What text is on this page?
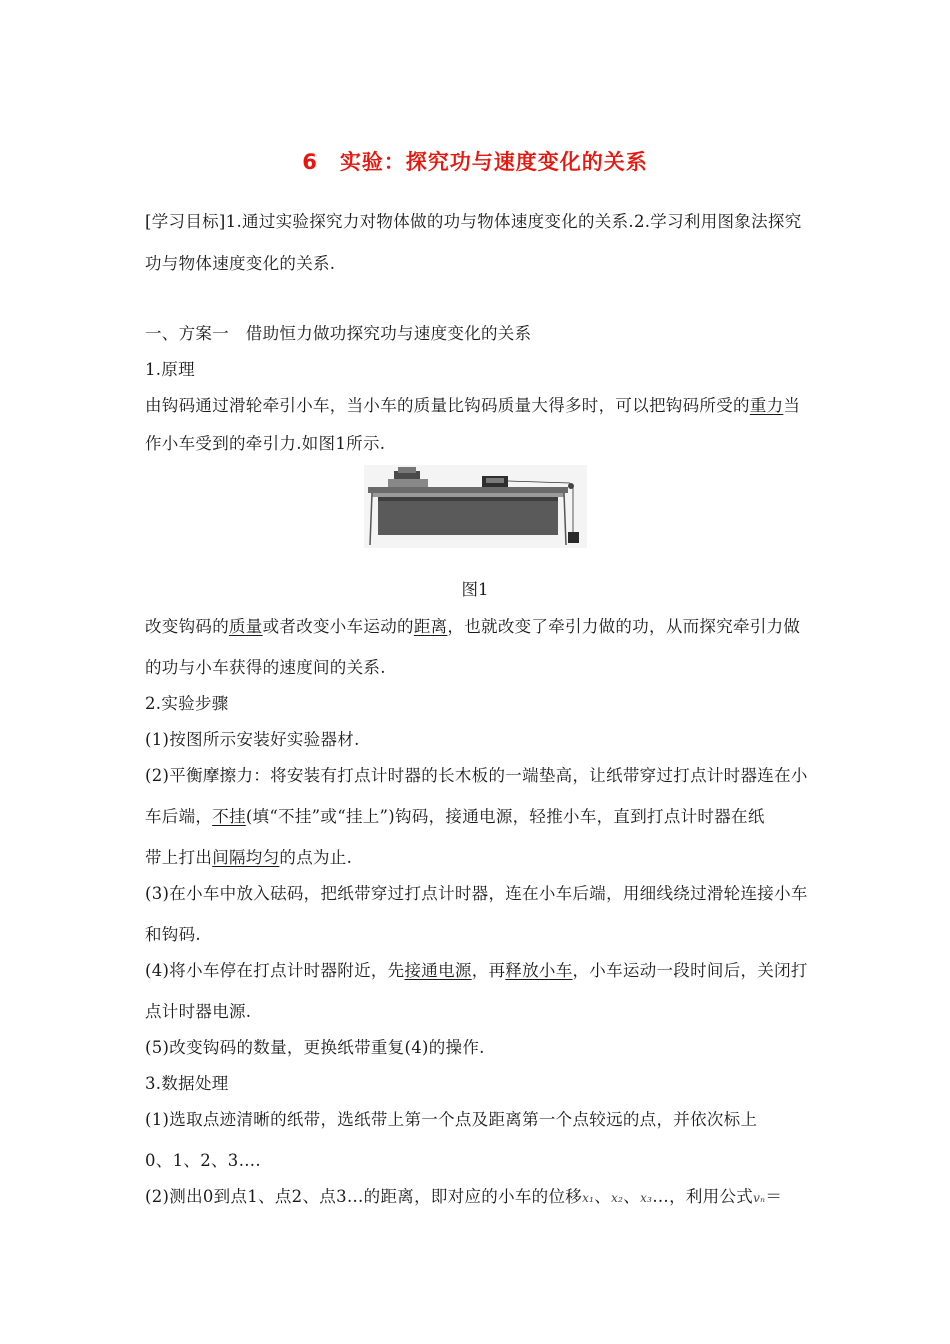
6 实验：探究功与速度变化的关系
[学习目标]1.通过实验探究力对物体做的功与物体速度变化的关系.2.学习利用图象法探究
功与物体速度变化的关系.
一、方案一　借助恒力做功探究功与速度变化的关系
1.原理
由钩码通过滑轮牵引小车，当小车的质量比钩码质量大得多时，可以把钩码所受的重力当
作小车受到的牵引力.如图1所示.
图1
改变钩码的质量或者改变小车运动的距离，也就改变了牵引力做的功，从而探究牵引力做
的功与小车获得的速度间的关系.
2.实验步骤
(1)按图所示安装好实验器材.
(2)平衡摩擦力：将安装有打点计时器的长木板的一端垫高，让纸带穿过打点计时器连在小
车后端，不挂(填“不挂”或“挂上”)钩码，接通电源，轻推小车，直到打点计时器在纸
带上打出间隔均匀的点为止.
(3)在小车中放入砝码，把纸带穿过打点计时器，连在小车后端，用细线绕过滑轮连接小车
和钩码.
(4)将小车停在打点计时器附近，先接通电源，再释放小车，小车运动一段时间后，关闭打
点计时器电源.
(5)改变钩码的数量，更换纸带重复(4)的操作.
3.数据处理
(1)选取点迹清晰的纸带，选纸带上第一个点及距离第一个点较远的点，并依次标上
0、1、2、3….
(2)测出0到点1、点2、点3…的距离，即对应的小车的位移x₁、x₂、x₃…，利用公式vₙ＝
